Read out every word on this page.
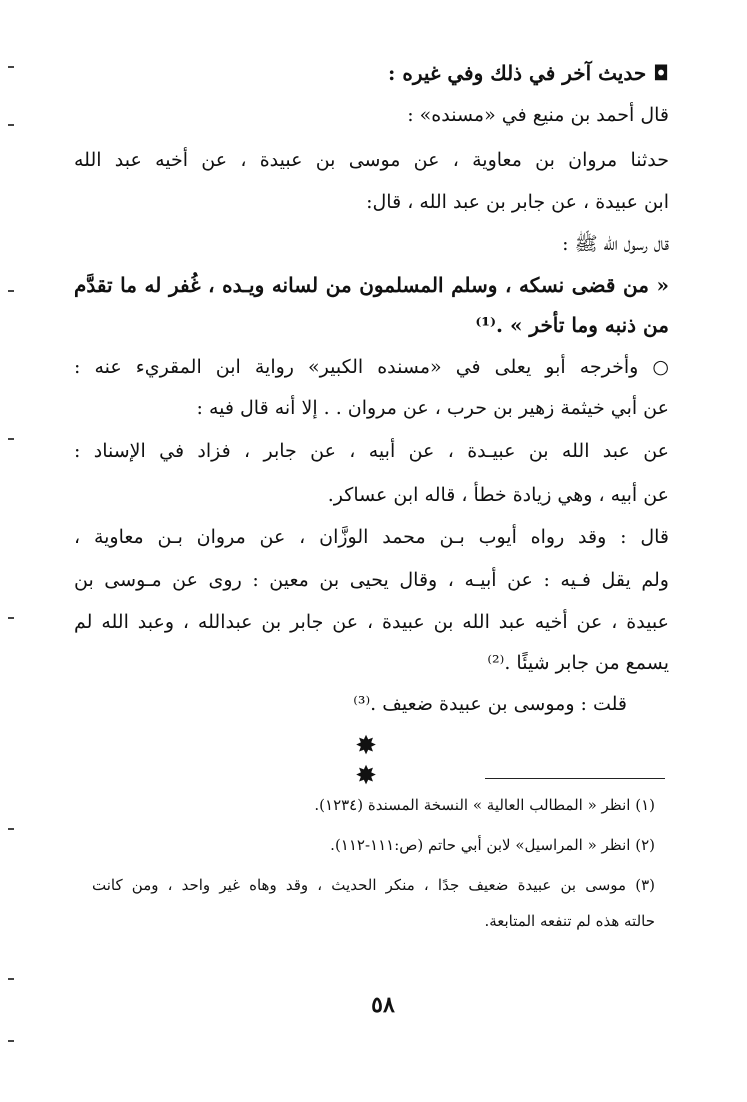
◘ حديث آخر في ذلك وفي غيره :
قال أحمد بن منيع في «مسنده» :
حدثنا مروان بن معاوية ، عن موسى بن عبيدة ، عن أخيه عبد الله
ابن عبيدة ، عن جابر بن عبد الله ، قال:
قال رسول الله ﷺ :
« من قضى نسكه ، وسلم المسلمون من لسانه ويـده ، غُفر له ما تقدَّم
من ذنبه وما تأخر » .⁽¹⁾
○ وأخرجه أبو يعلى في «مسنده الكبير» رواية ابن المقريء عنه :
عن أبي خيثمة زهير بن حرب ، عن مروان . . إلا أنه قال فيه :
عن عبد الله بن عبيـدة ، عن أبيه ، عن جابر ، فزاد في الإسناد :
عن أبيه ، وهي زيادة خطأ ، قاله ابن عساكر.
قال : وقد رواه أيوب بـن محمد الوزَّان ، عن مروان بـن معاوية ،
ولم يقل فـيه : عن أبيـه ، وقال يحيى بن معين : روى عن مـوسى بن
عبيدة ، عن أخيه عبد الله بن عبيدة ، عن جابر بن عبدالله ، وعبد الله لم
يسمع من جابر شيئًا .⁽²⁾
قلت : وموسى بن عبيدة ضعيف .⁽³⁾
✸ ✸
(١) انظر « المطالب العالية » النسخة المسندة (١٢٣٤).
(٢) انظر « المراسيل» لابن أبي حاتم (ص:١١١-١١٢).
(٣) موسى بن عبيدة ضعيف جدًا ، منكر الحديث ، وقد وهاه غير واحد ، ومن كانت
حالته هذه لم تنفعه المتابعة.
٥٨
